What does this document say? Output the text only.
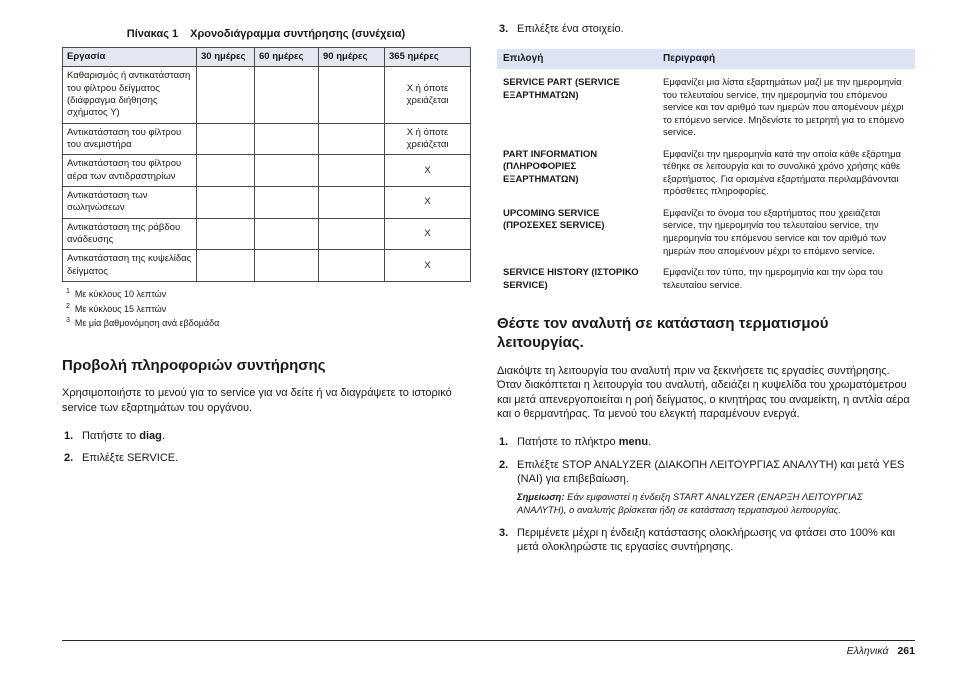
Πίνακας 1 Χρονοδιάγραμμα συντήρησης (συνέχεια)
Εργασία	30 ημέρες	60 ημέρες	90 ημέρες	365 ημέρες
Καθαρισμός ή αντικατάσταση του φίλτρου δείγματος (διάφραγμα διήθησης σχήματος Y)				X ή όποτε χρειάζεται
Αντικατάσταση του φίλτρου του ανεμιστήρα				X ή όποτε χρειάζεται
Αντικατάσταση του φίλτρου αέρα των αντιδραστηρίων				X
Αντικατάσταση των σωληνώσεων				X
Αντικατάσταση της ράβδου ανάδευσης				X
Αντικατάσταση της κυψελίδας δείγματος				X
$^1$ Με κύκλους 10 λεπτών
$^2$ Με κύκλους 15 λεπτών
$^3$ Με μία βαθμονόμηση ανά εβδομάδα
Προβολή πληροφοριών συντήρησης

Χρησιμοποιήστε το μενού για το service για να δείτε ή να διαγράψετε το ιστορικό service των εξαρτημάτων του οργάνου.

1. Πατήστε το diag.
2. Επιλέξτε SERVICE.
3. Επιλέξτε ένα στοιχείο.
Επιλογή	Περιγραφή
SERVICE PART (SERVICE ΕΞΑΡΤΗΜΑΤΩΝ)	Εμφανίζει μια λίστα εξαρτημάτων μαζί με την ημερομηνία του τελευταίου service, την ημερομηνία του επόμενου service και τον αριθμό των ημερών που απομένουν μέχρι το επόμενο service. Μηδενίστε το μετρητή για το επόμενο service.
PART INFORMATION (ΠΛΗΡΟΦΟΡΙΕΣ ΕΞΑΡΤΗΜΑΤΩΝ)	Εμφανίζει την ημερομηνία κατά την οποία κάθε εξάρτημα τέθηκε σε λειτουργία και το συνολικό χρόνο χρήσης κάθε εξαρτήματος. Για ορισμένα εξαρτήματα περιλαμβάνονται πρόσθετες πληροφορίες.
UPCOMING SERVICE (ΠΡΟΣΕΧΕΣ SERVICE)	Εμφανίζει το όνομα του εξαρτήματος που χρειάζεται service, την ημερομηνία του τελευταίου service, την ημερομηνία του επόμενου service και τον αριθμό των ημερών που απομένουν μέχρι το επόμενο service.
SERVICE HISTORY (ΙΣΤΟΡΙΚΟ SERVICE)	Εμφανίζει τον τύπο, την ημερομηνία και την ώρα του τελευταίου service.
Θέστε τον αναλυτή σε κατάσταση τερματισμού λειτουργίας.

Διακόψτε τη λειτουργία του αναλυτή πριν να ξεκινήσετε τις εργασίες συντήρησης. Όταν διακόπτεται η λειτουργία του αναλυτή, αδειάζει η κυψελίδα του χρωματόμετρου και μετά απενεργοποιείται η ροή δείγματος, ο κινητήρας του αναμείκτη, η αντλία αέρα και ο θερμαντήρας. Τα μενού του ελεγκτή παραμένουν ενεργά.

1. Πατήστε το πλήκτρο menu.
2. Επιλέξτε STOP ANALYZER (ΔΙΑΚΟΠΗ ΛΕΙΤΟΥΡΓΙΑΣ ΑΝΑΛΥΤΗ) και μετά YES (ΝΑΙ) για επιβεβαίωση.
Σημείωση: Εάν εμφανιστεί η ένδειξη START ANALYZER (ΕΝΑΡΞΗ ΛΕΙΤΟΥΡΓΙΑΣ ΑΝΑΛΥΤΗ), ο αναλυτής βρίσκεται ήδη σε κατάσταση τερματισμού λειτουργίας.
3. Περιμένετε μέχρι η ένδειξη κατάστασης ολοκλήρωσης να φτάσει στο 100% και μετά ολοκληρώστε τις εργασίες συντήρησης.
Ελληνικά 261
